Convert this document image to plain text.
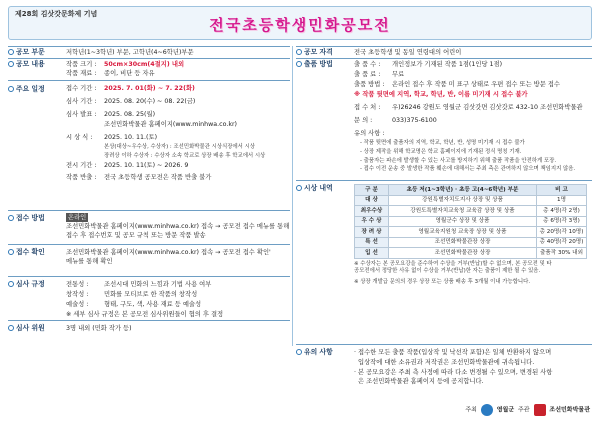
제28회 김삿갓문화제 기념
전국초등학생민화공모전
공모 부문	저학년(1~3학년) 부문, 고학년(4~6학년)부문
공모 내용	작품 크기 : 50cm×30cm(4절지) 내외
작품 재료 : 종이, 비단 등 자유
주요 일정	접수 기간 : 2025. 7. 01(화) ~ 7. 22(화)
심사 기간 : 2025. 08. 20(수) ~ 08. 22(금)
심사 발표 : 2025. 08. 25(월)
조선민화박물관 홈페이지(www.minhwa.co.kr)
시 상 식 : 2025. 10. 11.(토)
본상(대상~우수상, 수상자) : 조선민화박물관 시상식장에서 시상
장려상 이하 수상자 : 수상자 소속 학교로 상장 배송 후 학교에서 시상
전시 기간 : 2025. 10. 11(토) ~ 2026. 9
작품 반출 : 전국 초등학생 공모전은 작품 반출 불가
접수 방법	온라인
조선민화박물관 홈페이지(www.minhwa.co.kr) 접속 → 공모전 접수 메뉴를 통해
접수 후 접수번호 및 공모 규칙 또는 방문 작품 발송
접수 확인	조선민화박물관 홈페이지(www.minhwa.co.kr) 접속 → 공모전 접수 확인'
메뉴를 통해 확인
심사 규정	전통성 : 조선시대 민화의 느낌과 기법 사용 여부
창작성 : 민화를 모티브로 한 작품의 창작성
예술성 : 형태, 구도, 색, 사용 재료 등 예술성
※ 세부 심사 규정은 본 공모전 심사위원들이 협의 후 결정
심사 위원	3명 내외 (민화 작가 등)
공모 자격	전국 초등학생 및 동일 연령대의 어린이
출품 방법	출 품 수 : 개인정보가 기재된 작품 1점(1인당 1점)
출 품 료 : 무료
출품 방법 : 온라인 접수 후 작품 미 표구 상태로 우편 접수 또는 방문 접수
※ 작품 뒷면에 지역, 학교, 학년, 반, 이름 미기재 시 접수 불가
접 수 처 : 우)26246 강원도 영월군 김삿갓면 김삿갓로 432-10 조선민화박물관
문 의 :	033)375-6100
유의 사항 :
- 작품 뒷면에 출품자의 지역, 학교, 학년, 반, 성명 미기재 시 접수 불가
- 상장 제작을 위해 학교명은 학교 홈페이지에 기재된 정식 명칭 기재.
- 출품자는 파손에 발생할 수 있는 사고를 방지하기 위해 출품 작품을 안전하게 포장.
- 접수 이전 운송 중 발생한 작품 훼손에 대해서는 주최 측은 관여하지 않으며 책임지지 않음.
시상 내역	구 분	초등 저(1~3학년) · 초등 고(4~6학년) 부분	비 고
대 상	강원특별자치도지사 상장 및 상품	1명
최우수상	강원도특별자치교육청 교육감 상장 및 상품	총 4명(각 2명)
우 수 상	영월군수 상장 및 상품	총 6명(각 3명)
장 려 상	영월교육지원청 교육장 상장 및 상품	총 20명(각 10명)
특 선	조선민화박물관장 상장	총 40명(각 20명)
입 선	조선민화박물관장 상장	출품작 30% 내외
※ 수상자는 본 공모요강을 준수하여 수상을 거부(반납)할 수 없으며, 본 공모전 및 타
공모전에서 정당한 사유 없이 수상을 거부(반납)한 자는 출품이 제한 될 수 있음.
※ 상장 개발급 문의의 경우 상장 또는 상품 배송 후 3개월 이내 가능합니다.
유의 사항	· 접수한 모든 출품 작품(입상작 및 낙선작 포함)은 일체 반환하지 않으며
입상작에 대한 소유권과 저작권은 조선민화박물관에 귀속됩니다.
· 본 공모요강은 주최 측 사정에 따라 다소 변경될 수 있으며, 변경된 사항
은 조선민화박물관 홈페이지 등에 공지합니다.
주최	영월군 주관	조선민화박물관
